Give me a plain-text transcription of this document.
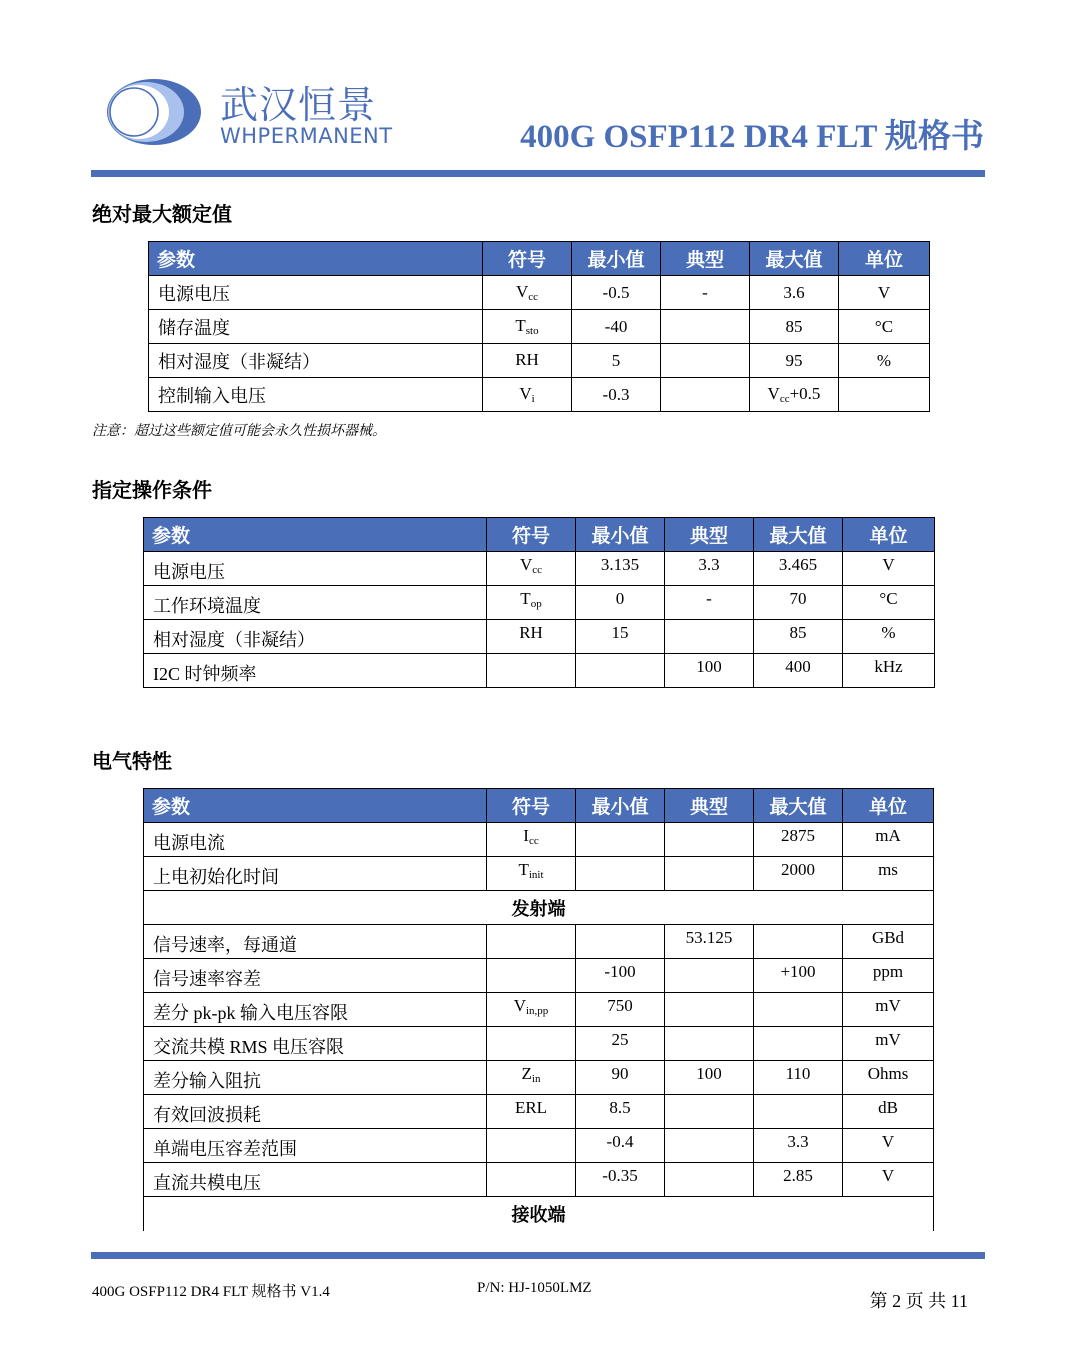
武汉恒景
WHPERMANENT	400G OSFP112 DR4 FLT 规格书
绝对最大额定值
参数	符号	最小值	典型	最大值	单位
电源电压	$V_{cc}$	-0.5	-	3.6	V
储存温度	$T_{sto}$	-40		85	°C
相对湿度（非凝结）	RH	5		95	%
控制输入电压	$V_i$	-0.3		$V_{cc}+0.5$	
注意：超过这些额定值可能会永久性损坏器械。
指定操作条件
参数	符号	最小值	典型	最大值	单位
电源电压	$V_{cc}$	3.135	3.3	3.465	V
工作环境温度	$T_{op}$	0	-	70	°C
相对湿度（非凝结）	RH	15		85	%
I2C 时钟频率			100	400	kHz
电气特性
参数	符号	最小值	典型	最大值	单位
电源电流	$I_{cc}$			2875	mA
上电初始化时间	$T_{init}$			2000	ms
发射端					
信号速率，每通道			53.125		GBd
信号速率容差		-100		+100	ppm
差分 pk-pk 输入电压容限	$V_{in,pp}$	750			mV
交流共模 RMS 电压容限		25			mV
差分输入阻抗	$Z_{in}$	90	100	110	Ohms
有效回波损耗	ERL	8.5			dB
单端电压容差范围		-0.4		3.3	V
直流共模电压		-0.35		2.85	V
接收端					
400G OSFP112 DR4 FLT 规格书 V1.4	P/N: HJ-1050LMZ
第 2 页 共 11
